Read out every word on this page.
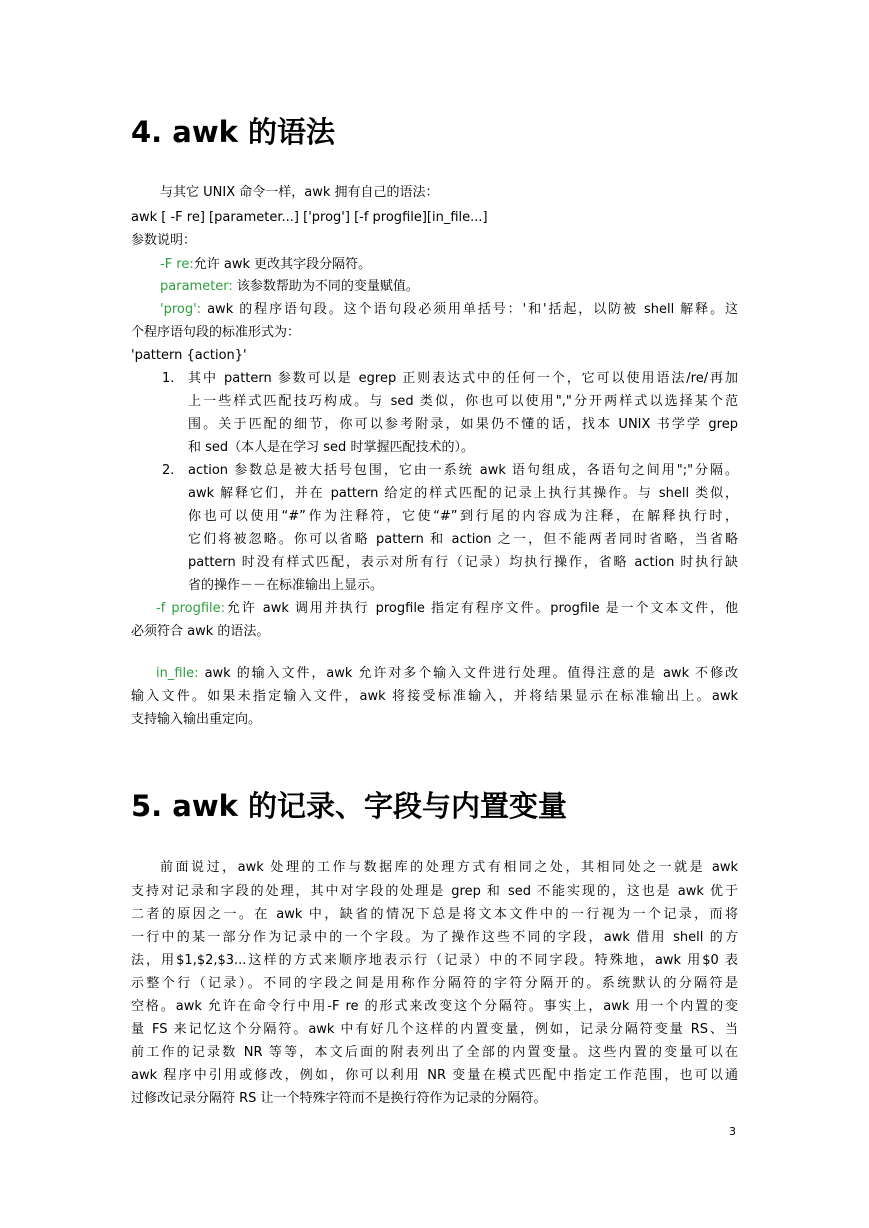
4. awk 的语法

与其它 UNIX 命令一样，awk 拥有自己的语法：

awk [ -F re] [parameter...] ['prog'] [-f progfile][in_file...]

参数说明：

-F re:允许 awk 更改其字段分隔符。

parameter: 该参数帮助为不同的变量赋值。

'prog': awk 的程序语句段。这个语句段必须用单括号：'和'括起，以防被 shell 解释。这

个程序语句段的标准形式为：

'pattern {action}'

1. 其中 pattern 参数可以是 egrep 正则表达式中的任何一个，它可以使用语法/re/再加

上一些样式匹配技巧构成。与 sed 类似，你也可以使用","分开两样式以选择某个范

围。关于匹配的细节，你可以参考附录，如果仍不懂的话，找本 UNIX 书学学 grep

和 sed（本人是在学习 sed 时掌握匹配技术的）。

2. action 参数总是被大括号包围，它由一系统 awk 语句组成，各语句之间用";"分隔。

awk 解释它们，并在 pattern 给定的样式匹配的记录上执行其操作。与 shell 类似，

你也可以使用“#”作为注释符，它使“#”到行尾的内容成为注释，在解释执行时，

它们将被忽略。你可以省略 pattern 和 action 之一，但不能两者同时省略，当省略

pattern 时没有样式匹配，表示对所有行（记录）均执行操作，省略 action 时执行缺

省的操作－－在标准输出上显示。

-f progfile:允许 awk 调用并执行 progfile 指定有程序文件。progfile 是一个文本文件，他

必须符合 awk 的语法。

in_file: awk 的输入文件，awk 允许对多个输入文件进行处理。值得注意的是 awk 不修改

输入文件。如果未指定输入文件，awk 将接受标准输入，并将结果显示在标准输出上。awk

支持输入输出重定向。

5. awk 的记录、字段与内置变量

前面说过，awk 处理的工作与数据库的处理方式有相同之处，其相同处之一就是 awk

支持对记录和字段的处理，其中对字段的处理是 grep 和 sed 不能实现的，这也是 awk 优于

二者的原因之一。在 awk 中，缺省的情况下总是将文本文件中的一行视为一个记录，而将

一行中的某一部分作为记录中的一个字段。为了操作这些不同的字段，awk 借用 shell 的方

法，用$1,$2,$3...这样的方式来顺序地表示行（记录）中的不同字段。特殊地，awk 用$0 表

示整个行（记录）。不同的字段之间是用称作分隔符的字符分隔开的。系统默认的分隔符是

空格。awk 允许在命令行中用-F re 的形式来改变这个分隔符。事实上，awk 用一个内置的变

量 FS 来记忆这个分隔符。awk 中有好几个这样的内置变量，例如，记录分隔符变量 RS、当

前工作的记录数 NR 等等，本文后面的附表列出了全部的内置变量。这些内置的变量可以在

awk 程序中引用或修改，例如，你可以利用 NR 变量在模式匹配中指定工作范围，也可以通

过修改记录分隔符 RS 让一个特殊字符而不是换行符作为记录的分隔符。

3
